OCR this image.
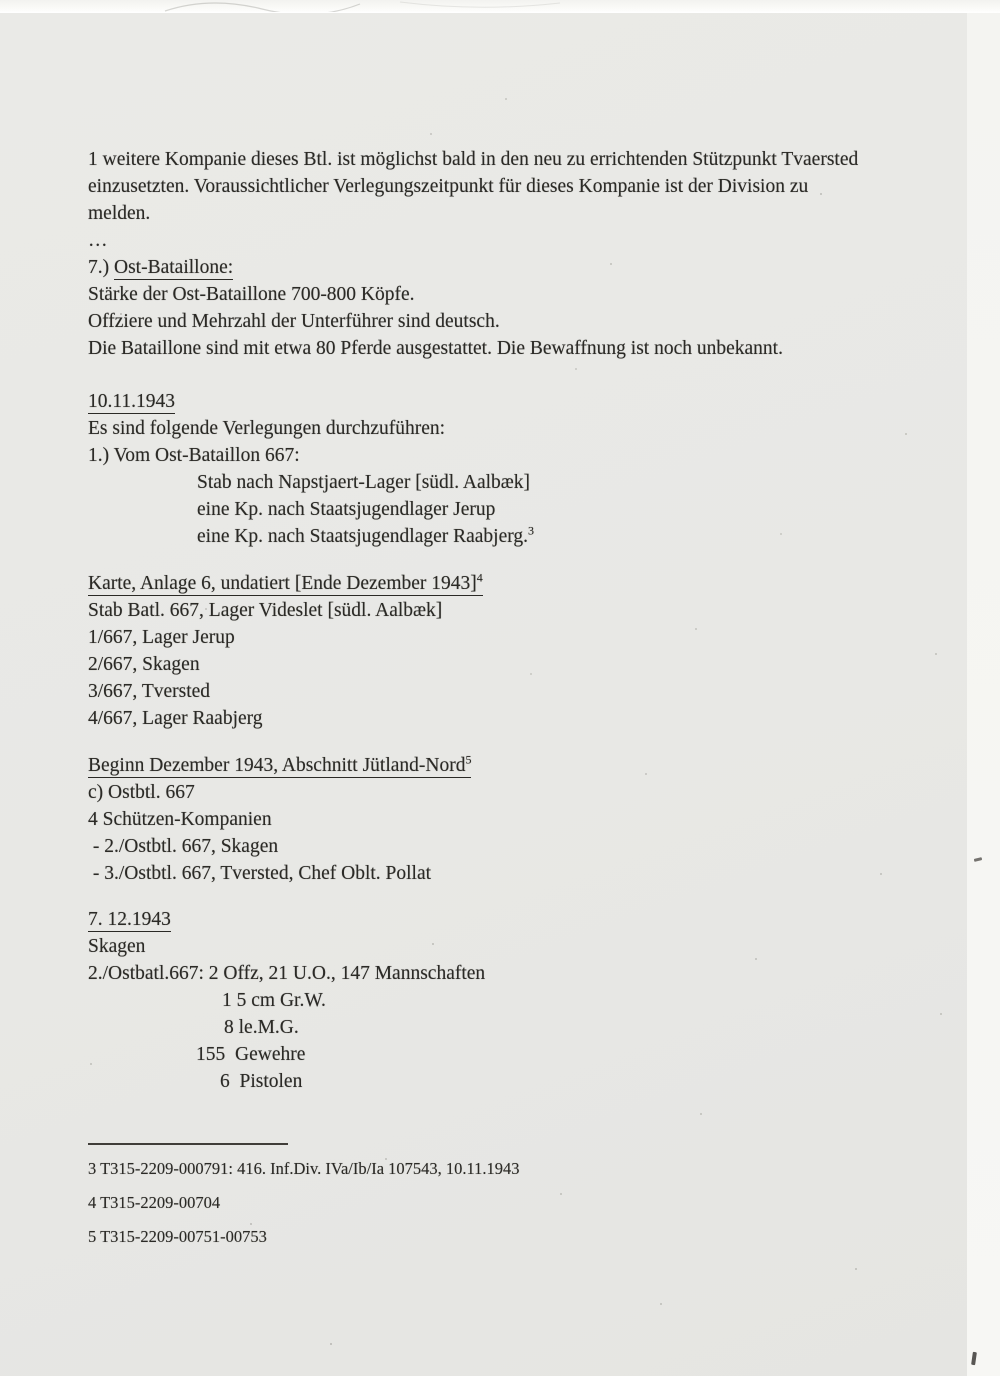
1 weitere Kompanie dieses Btl. ist möglichst bald in den neu zu errichtenden Stützpunkt Tvaersted
einzusetzten. Voraussichtlicher Verlegungszeitpunkt für dieses Kompanie ist der Division zu
melden.
…
7.) Ost-Bataillone:
Stärke der Ost-Bataillone 700-800 Köpfe.
Offziere und Mehrzahl der Unterführer sind deutsch.
Die Bataillone sind mit etwa 80 Pferde ausgestattet. Die Bewaffnung ist noch unbekannt.
10.11.1943
Es sind folgende Verlegungen durchzuführen:
1.) Vom Ost-Bataillon 667:
Stab nach Napstjaert-Lager [südl. Aalbæk]
eine Kp. nach Staatsjugendlager Jerup
eine Kp. nach Staatsjugendlager Raabjerg.$^3$
Karte, Anlage 6, undatiert [Ende Dezember 1943]$^4$
Stab Batl. 667, Lager Videslet [südl. Aalbæk]
1/667, Lager Jerup
2/667, Skagen
3/667, Tversted
4/667, Lager Raabjerg
Beginn Dezember 1943, Abschnitt Jütland-Nord$^5$
c) Ostbtl. 667
4 Schützen-Kompanien
- 2./Ostbtl. 667, Skagen
- 3./Ostbtl. 667, Tversted, Chef Oblt. Pollat
7. 12.1943
Skagen
2./Ostbatl.667: 2 Offz, 21 U.O., 147 Mannschaften
1 5 cm Gr.W.
8 le.M.G.
155  Gewehre
6  Pistolen
3 T315-2209-000791: 416. Inf.Div. IVa/Ib/Ia 107543, 10.11.1943
4 T315-2209-00704
5 T315-2209-00751-00753
